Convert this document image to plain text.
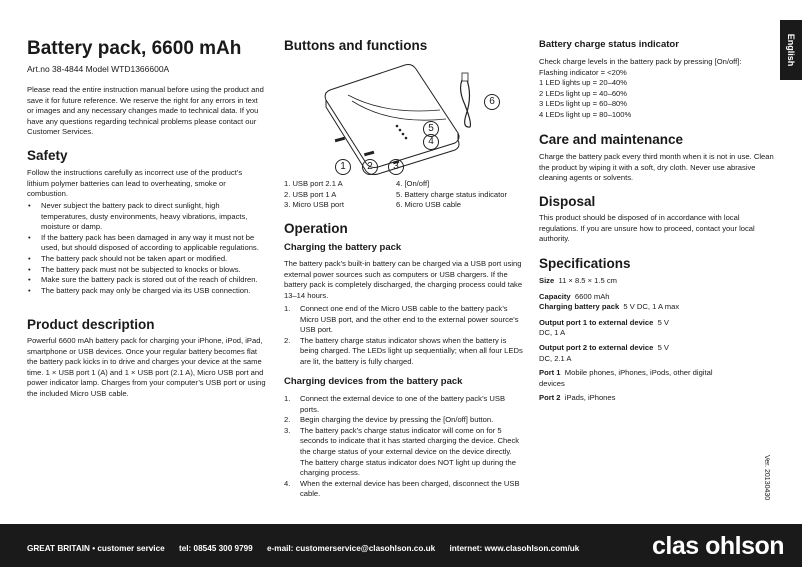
Battery pack, 6600 mAh
Art.no 38-4844 Model WTD1366600A

Please read the entire instruction manual before using the product and save it for future reference. We reserve the right for any errors in text or images and any necessary changes made to technical data. If you have any questions regarding technical problems please contact our Customer Services.

Safety

Follow the instructions carefully as incorrect use of the product’s lithium polymer batteries can lead to overheating, smoke or combustion.

• Never subject the battery pack to direct sunlight, high temperatures, dusty environments, heavy vibrations, impacts, moisture or damp.
• If the battery pack has been damaged in any way it must not be used, but should disposed of according to applicable regulations.
• The battery pack should not be taken apart or modified.
• The battery pack must not be subjected to knocks or blows.
• Make sure the battery pack is stored out of the reach of children.
• The battery pack may only be charged via its USB connection.
Product description

Powerful 6600 mAh battery pack for charging your iPhone, iPod, iPad, smartphone or USB devices. Once your regular battery becomes flat the battery pack kicks in to drive and charges your device at the same time. 1 × USB port 1 (A) and 1 × USB port (2.1 A), Micro USB port and power indicator lamp. Charges from your computer’s USB port or using the included Micro USB cable.

Buttons and functions
1	2	3
4
5
6
1. USB port 2.1 A
2. USB port 1 A
3. Micro USB port
4. [On/off]
5. Battery charge status indicator
6. Micro USB cable
Operation
Charging the battery pack

The battery pack’s built-in battery can be charged via a USB port using external power sources such as computers or USB chargers. If the battery pack is completely discharged, the charging process could take 13–14 hours.

1. Connect one end of the Micro USB cable to the battery pack’s Micro USB port, and the other end to the external power source’s USB port.
2. The battery charge status indicator shows when the battery is being charged. The LEDs light up sequentially; when all four LEDs are lit, the battery is fully charged.
Charging devices from the battery pack
1. Connect the external device to one of the battery pack’s USB ports.
2. Begin charging the device by pressing the [On/off] button.
3. The battery pack’s charge status indicator will come on for 5 seconds to indicate that it has started charging the device. Check the charge status of your external device on the device directly. The battery charge status indicator does NOT light up during the charging process.
4. When the external device has been charged, disconnect the USB cable.
Battery charge status indicator
Check charge levels in the battery pack by pressing [On/off]:
Flashing indicator = <20%
1 LED lights up = 20–40%
2 LEDs light up = 40–60%
3 LEDs light up = 60–80%
4 LEDs light up = 80–100%
Care and maintenance

Charge the battery pack every third month when it is not in use. Clean the product by wiping it with a soft, dry cloth. Never use abrasive cleaning agents or solvents.

Disposal

This product should be disposed of in accordance with local regulations. If you are unsure how to proceed, contact your local authority.

Specifications
Size 11 × 8.5 × 1.5 cm
Capacity 6600 mAh
Charging battery pack 5 V DC, 1 A max
Output port 1 to external device 5 V DC, 1 A
Output port 2 to external device 5 V DC, 2.1 A
Port 1 Mobile phones, iPhones, iPods, other digital devices
Port 2 iPads, iPhones
English
Ver. 20130430
GREAT BRITAIN • customer service tel: 08545 300 9799 e-mail: customerservice@clasohlson.co.uk internet: www.clasohlson.com/uk	clas ohlson
